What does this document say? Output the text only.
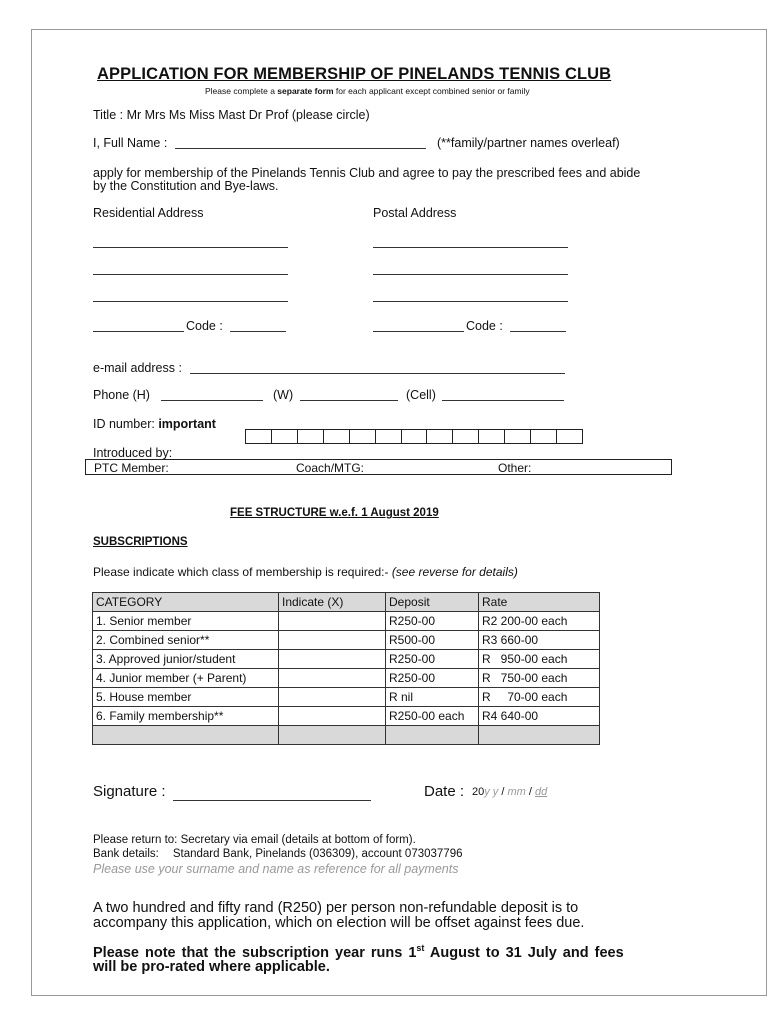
APPLICATION FOR MEMBERSHIP OF PINELANDS TENNIS CLUB
Please complete a separate form for each applicant except combined senior or family
Title : Mr Mrs Ms Miss Mast Dr Prof (please circle)
I, Full Name :	(**family/partner names overleaf)
apply for membership of the Pinelands Tennis Club and agree to pay the prescribed fees and abide
by the Constitution and Bye-laws.
Residential Address	Postal Address
Code :	Code :
e-mail address :
Phone (H)	(W)	(Cell)
ID number: important
Introduced by:
PTC Member:	Coach/MTG:	Other:
FEE STRUCTURE w.e.f. 1 August 2019
SUBSCRIPTIONS
Please indicate which class of membership is required:- (see reverse for details)
CATEGORY	Indicate (X)	Deposit	Rate
1. Senior member		R250-00	R2 200-00 each
2. Combined senior**		R500-00	R3 660-00
3. Approved junior/student		R250-00	R   950-00 each
4. Junior member (+ Parent)		R250-00	R   750-00 each
5. House member		R nil	R     70-00 each
6. Family membership**		R250-00 each	R4 640-00

Signature :	Date : 20y y / mm / dd
Please return to: Secretary via email (details at bottom of form).
Bank details: Standard Bank, Pinelands (036309), account 073037796
Please use your surname and name as reference for all payments
A two hundred and fifty rand (R250) per person non-refundable deposit is to
accompany this application, which on election will be offset against fees due.
Please note that the subscription year runs 1st August to 31 July and fees
will be pro-rated where applicable.
